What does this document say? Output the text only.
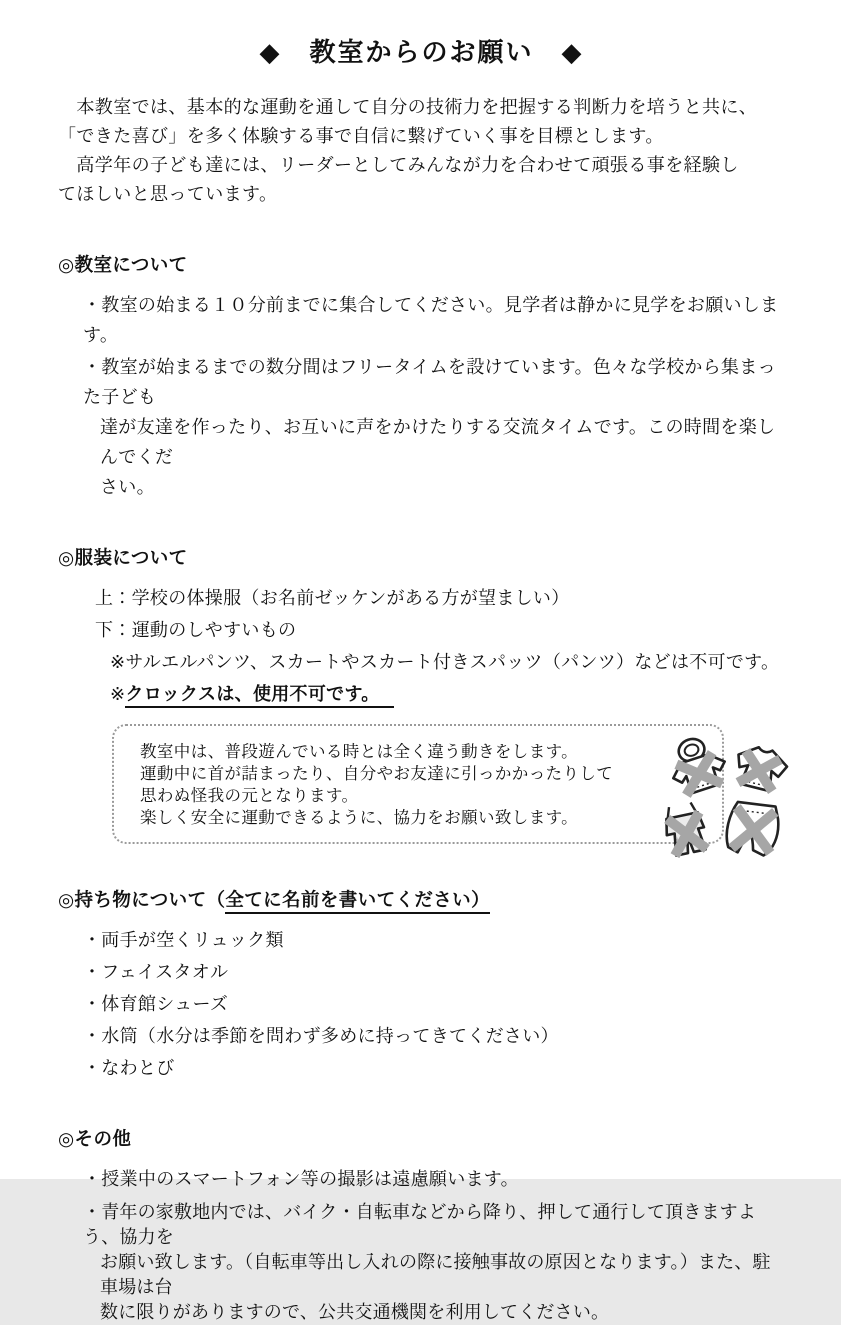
◆　教室からのお願い　◆
　本教室では、基本的な運動を通して自分の技術力を把握する判断力を培うと共に、
「できた喜び」を多く体験する事で自信に繋げていく事を目標とします。
　高学年の子ども達には、リーダーとしてみんなが力を合わせて頑張る事を経験し
てほしいと思っています。
◎教室について
・教室の始まる１０分前までに集合してください。見学者は静かに見学をお願いします。
・教室が始まるまでの数分間はフリータイムを設けています。色々な学校から集まった子ども
達が友達を作ったり、お互いに声をかけたりする交流タイムです。この時間を楽しんでくだ
さい。
◎服装について
上：学校の体操服（お名前ゼッケンがある方が望ましい）
下：運動のしやすいもの
※サルエルパンツ、スカートやスカート付きスパッツ（パンツ）などは不可です。
※クロックスは、使用不可です。
教室中は、普段遊んでいる時とは全く違う動きをします。
運動中に首が詰まったり、自分やお友達に引っかかったりして
思わぬ怪我の元となります。
楽しく安全に運動できるように、協力をお願い致します。
◎持ち物について（全てに名前を書いてください）
・両手が空くリュック類
・フェイスタオル
・体育館シューズ
・水筒（水分は季節を問わず多めに持ってきてください）
・なわとび
◎その他
・授業中のスマートフォン等の撮影は遠慮願います。
・青年の家敷地内では、バイク・自転車などから降り、押して通行して頂きますよう、協力を
お願い致します。（自転車等出し入れの際に接触事故の原因となります。）また、駐車場は台
数に限りがありますので、公共交通機関を利用してください。
